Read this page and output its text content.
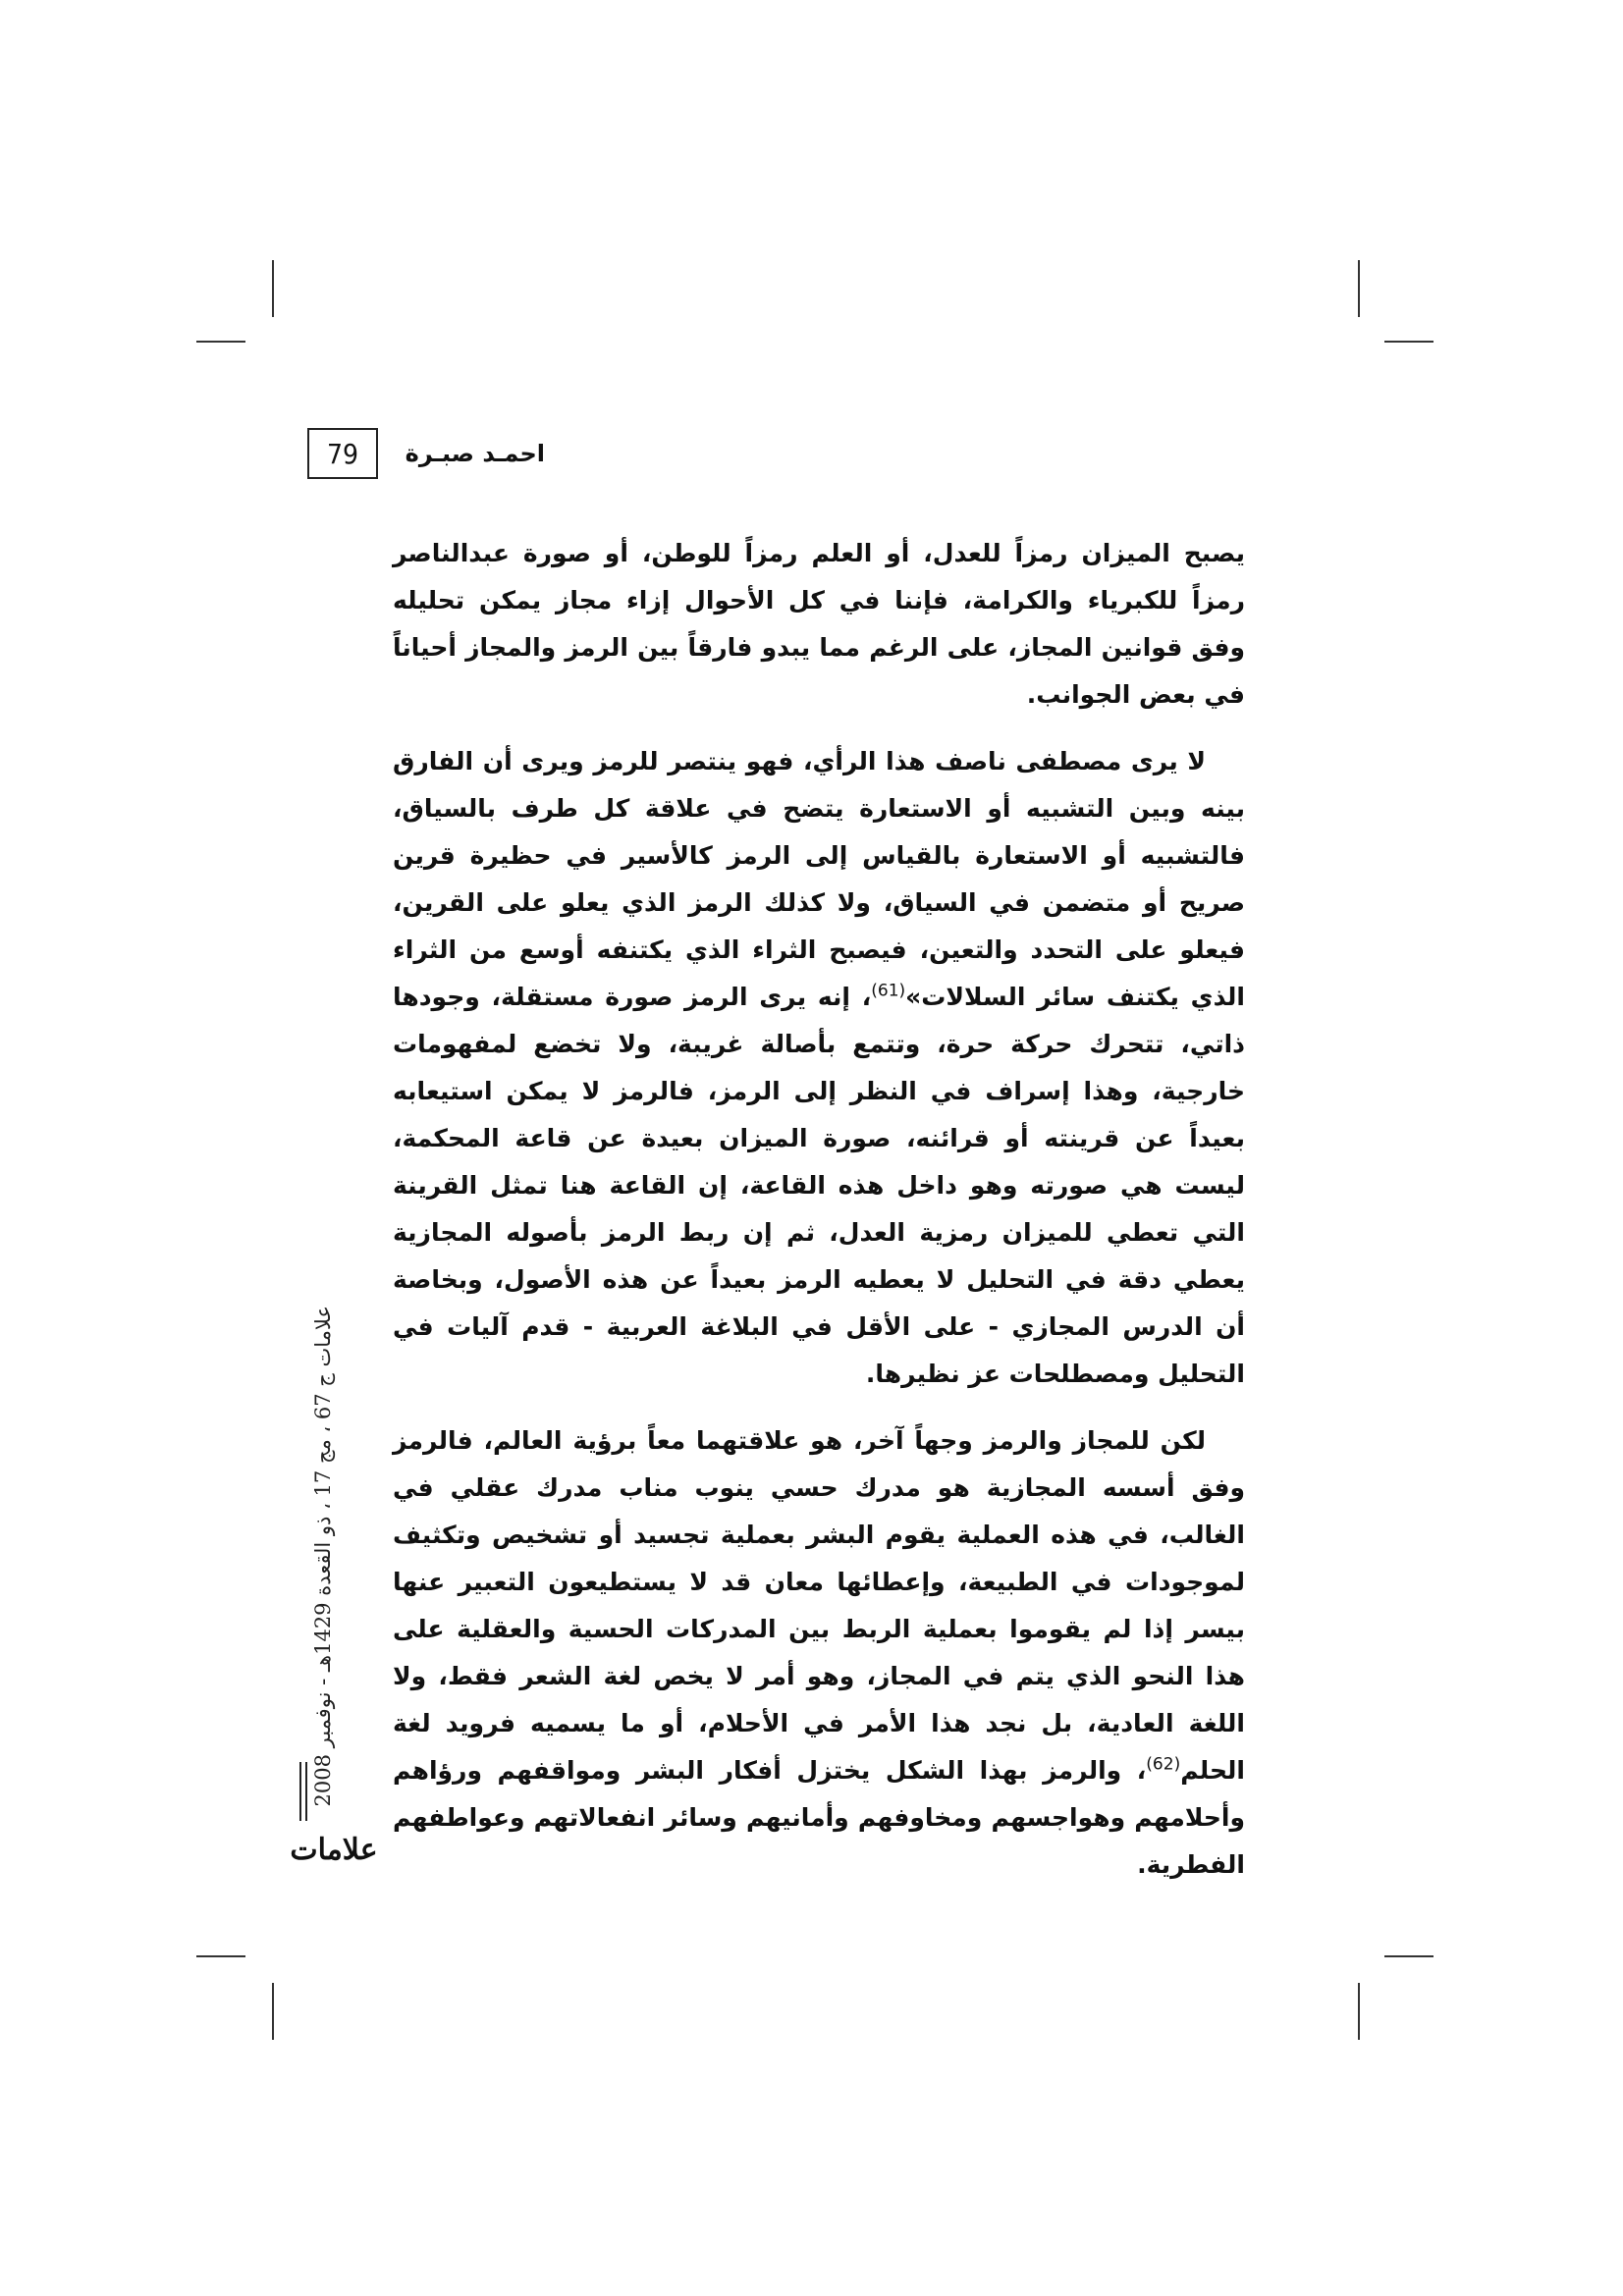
79	احمـد صبـرة
علامات ج 67 ، مج 17 ، ذو القعدة 1429هـ - نوفمبر 2008
علامات

يصبح الميزان رمزاً للعدل، أو العلم رمزاً للوطن، أو صورة عبدالناصر رمزاً للكبرياء والكرامة، فإننا في كل الأحوال إزاء مجاز يمكن تحليله وفق قوانين المجاز، على الرغم مما يبدو فارقاً بين الرمز والمجاز أحياناً في بعض الجوانب.

لا يرى مصطفى ناصف هذا الرأي، فهو ينتصر للرمز ويرى أن الفارق بينه وبين التشبيه أو الاستعارة يتضح في علاقة كل طرف بالسياق، فالتشبيه أو الاستعارة بالقياس إلى الرمز كالأسير في حظيرة قرين صريح أو متضمن في السياق، ولا كذلك الرمز الذي يعلو على القرين، فيعلو على التحدد والتعين، فيصبح الثراء الذي يكتنفه أوسع من الثراء الذي يكتنف سائر السلالات»$^{(61)}$، إنه يرى الرمز صورة مستقلة، وجودها ذاتي، تتحرك حركة حرة، وتتمع بأصالة غريبة، ولا تخضع لمفهومات خارجية، وهذا إسراف في النظر إلى الرمز، فالرمز لا يمكن استيعابه بعيداً عن قرينته أو قرائنه، صورة الميزان بعيدة عن قاعة المحكمة، ليست هي صورته وهو داخل هذه القاعة، إن القاعة هنا تمثل القرينة التي تعطي للميزان رمزية العدل، ثم إن ربط الرمز بأصوله المجازية يعطي دقة في التحليل لا يعطيه الرمز بعيداً عن هذه الأصول، وبخاصة أن الدرس المجازي - على الأقل في البلاغة العربية - قدم آليات في التحليل ومصطلحات عز نظيرها.

لكن للمجاز والرمز وجهاً آخر، هو علاقتهما معاً برؤية العالم، فالرمز وفق أسسه المجازية هو مدرك حسي ينوب مناب مدرك عقلي في الغالب، في هذه العملية يقوم البشر بعملية تجسيد أو تشخيص وتكثيف لموجودات في الطبيعة، وإعطائها معان قد لا يستطيعون التعبير عنها بيسر إذا لم يقوموا بعملية الربط بين المدركات الحسية والعقلية على هذا النحو الذي يتم في المجاز، وهو أمر لا يخص لغة الشعر فقط، ولا اللغة العادية، بل نجد هذا الأمر في الأحلام، أو ما يسميه فرويد لغة الحلم$^{(62)}$، والرمز بهذا الشكل يختزل أفكار البشر ومواقفهم ورؤاهم وأحلامهم وهواجسهم ومخاوفهم وأمانيهم وسائر انفعالاتهم وعواطفهم الفطرية.
